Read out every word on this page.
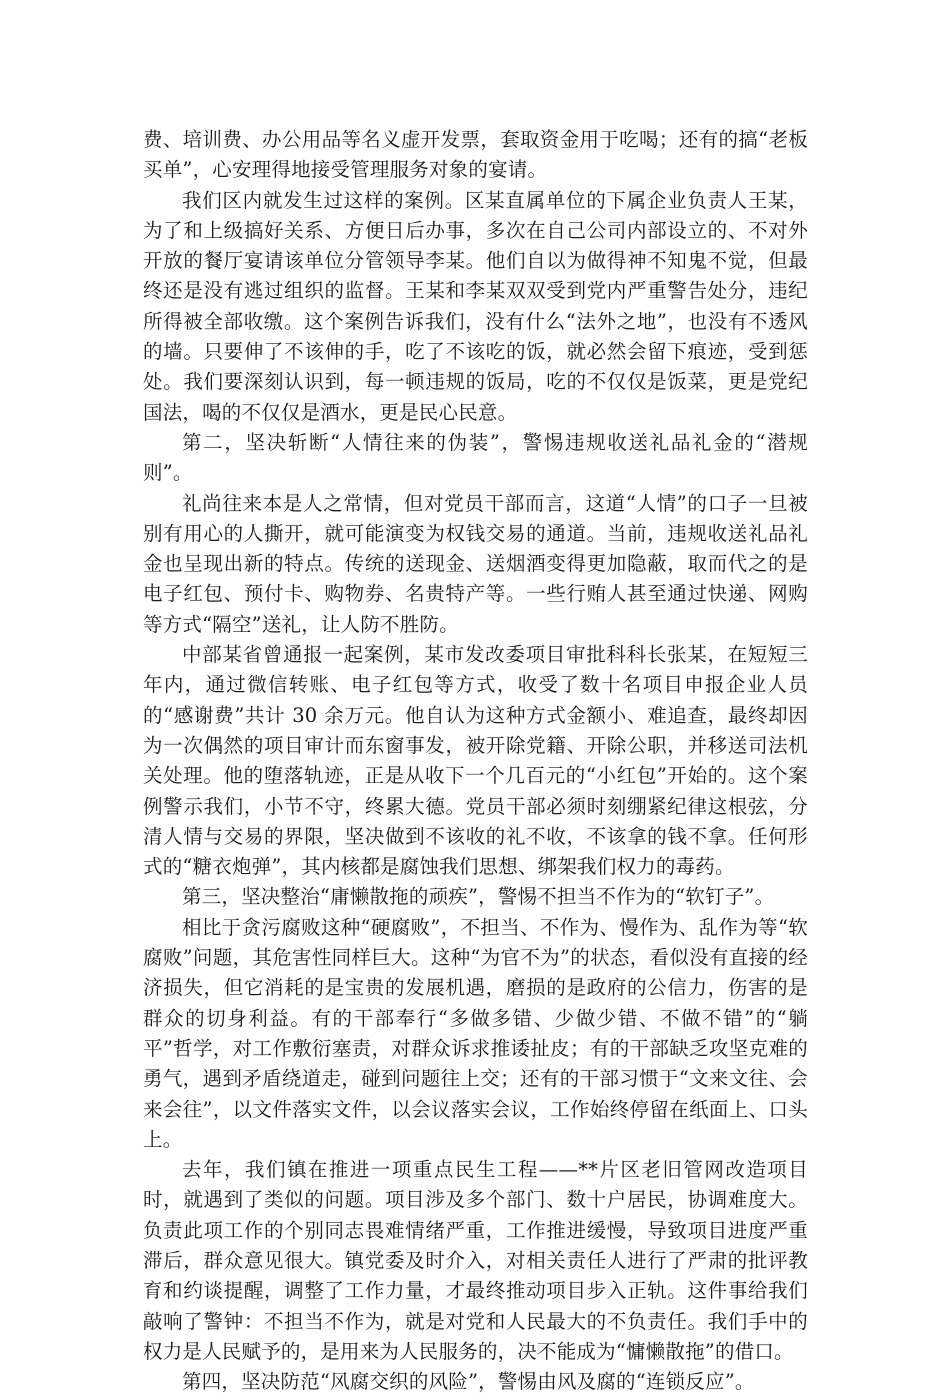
费、培训费、办公用品等名义虚开发票，套取资金用于吃喝；还有的搞“老板买单”，心安理得地接受管理服务对象的宴请。

我们区内就发生过这样的案例。区某直属单位的下属企业负责人王某，为了和上级搞好关系、方便日后办事，多次在自己公司内部设立的、不对外开放的餐厅宴请该单位分管领导李某。他们自以为做得神不知鬼不觉，但最终还是没有逃过组织的监督。王某和李某双双受到党内严重警告处分，违纪所得被全部收缴。这个案例告诉我们，没有什么“法外之地”，也没有不透风的墙。只要伸了不该伸的手，吃了不该吃的饭，就必然会留下痕迹，受到惩处。我们要深刻认识到，每一顿违规的饭局，吃的不仅仅是饭菜，更是党纪国法，喝的不仅仅是酒水，更是民心民意。

第二，坚决斩断“人情往来的伪装”，警惕违规收送礼品礼金的“潜规则”。

礼尚往来本是人之常情，但对党员干部而言，这道“人情”的口子一旦被别有用心的人撕开，就可能演变为权钱交易的通道。当前，违规收送礼品礼金也呈现出新的特点。传统的送现金、送烟酒变得更加隐蔽，取而代之的是电子红包、预付卡、购物券、名贵特产等。一些行贿人甚至通过快递、网购等方式“隔空”送礼，让人防不胜防。

中部某省曾通报一起案例，某市发改委项目审批科科长张某，在短短三年内，通过微信转账、电子红包等方式，收受了数十名项目申报企业人员的“感谢费”共计 30 余万元。他自认为这种方式金额小、难追查，最终却因为一次偶然的项目审计而东窗事发，被开除党籍、开除公职，并移送司法机关处理。他的堕落轨迹，正是从收下一个几百元的“小红包”开始的。这个案例警示我们，小节不守，终累大德。党员干部必须时刻绷紧纪律这根弦，分清人情与交易的界限，坚决做到不该收的礼不收，不该拿的钱不拿。任何形式的“糖衣炮弹”，其内核都是腐蚀我们思想、绑架我们权力的毒药。

第三，坚决整治“庸懒散拖的顽疾”，警惕不担当不作为的“软钉子”。

相比于贪污腐败这种“硬腐败”，不担当、不作为、慢作为、乱作为等“软腐败”问题，其危害性同样巨大。这种“为官不为”的状态，看似没有直接的经济损失，但它消耗的是宝贵的发展机遇，磨损的是政府的公信力，伤害的是群众的切身利益。有的干部奉行“多做多错、少做少错、不做不错”的“躺平”哲学，对工作敷衍塞责，对群众诉求推诿扯皮；有的干部缺乏攻坚克难的勇气，遇到矛盾绕道走，碰到问题往上交；还有的干部习惯于“文来文往、会来会往”，以文件落实文件，以会议落实会议，工作始终停留在纸面上、口头上。

去年，我们镇在推进一项重点民生工程——**片区老旧管网改造项目时，就遇到了类似的问题。项目涉及多个部门、数十户居民，协调难度大。负责此项工作的个别同志畏难情绪严重，工作推进缓慢，导致项目进度严重滞后，群众意见很大。镇党委及时介入，对相关责任人进行了严肃的批评教育和约谈提醒，调整了工作力量，才最终推动项目步入正轨。这件事给我们敲响了警钟：不担当不作为，就是对党和人民最大的不负责任。我们手中的权力是人民赋予的，是用来为人民服务的，决不能成为“慵懒散拖”的借口。

第四，坚决防范“风腐交织的风险”，警惕由风及腐的“连锁反应”。
